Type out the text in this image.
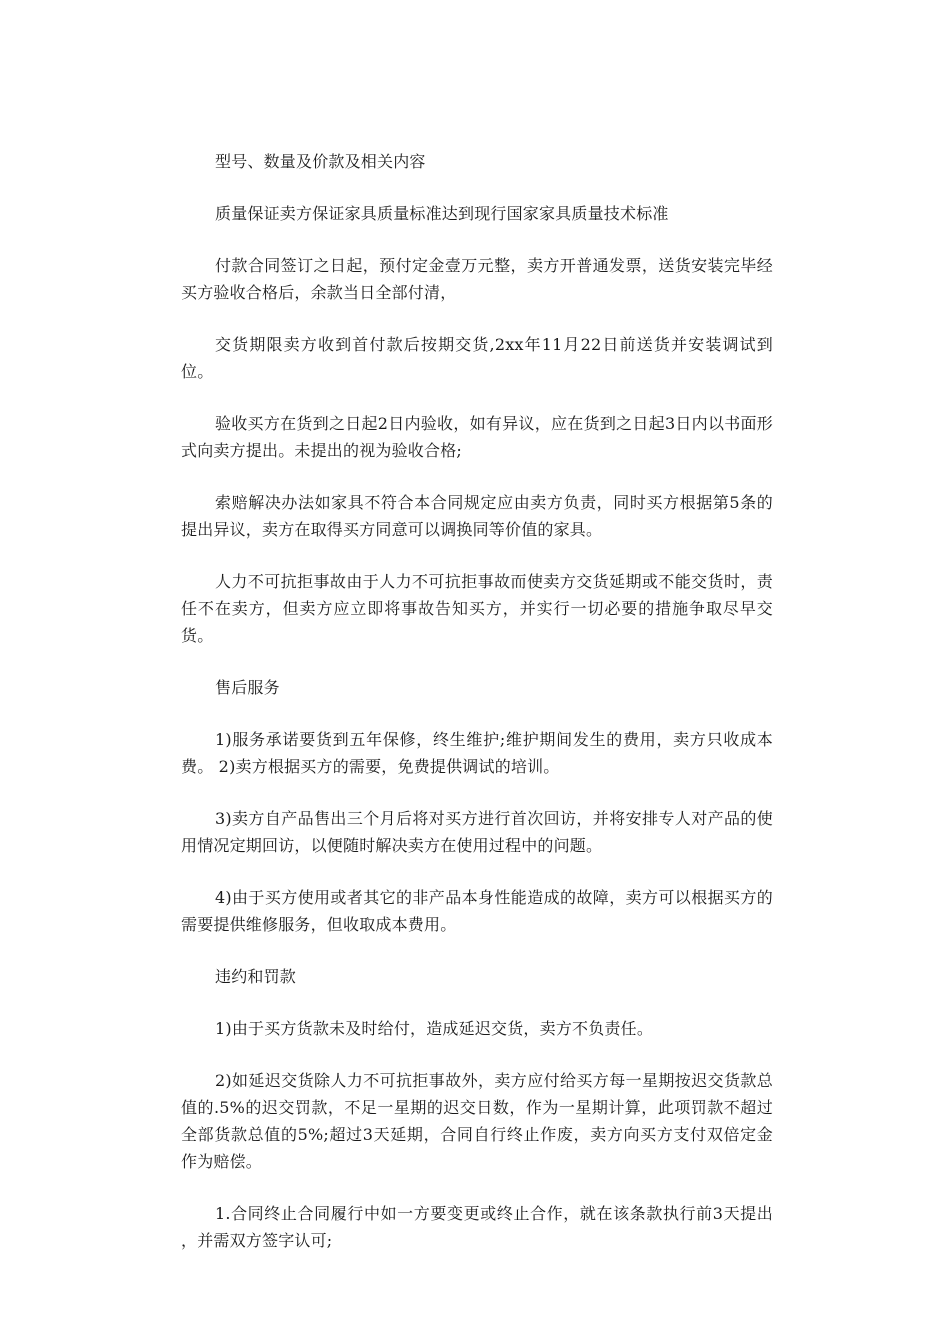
型号、数量及价款及相关内容

质量保证卖方保证家具质量标准达到现行国家家具质量技术标准

付款合同签订之日起，预付定金壹万元整，卖方开普通发票，送货安装完毕经买方验收合格后，余款当日全部付清，

交货期限卖方收到首付款后按期交货,2xx年11月22日前送货并安装调试到位。

验收买方在货到之日起2日内验收，如有异议，应在货到之日起3日内以书面形式向卖方提出。未提出的视为验收合格;

索赔解决办法如家具不符合本合同规定应由卖方负责，同时买方根据第5条的提出异议，卖方在取得买方同意可以调换同等价值的家具。

人力不可抗拒事故由于人力不可抗拒事故而使卖方交货延期或不能交货时，责任不在卖方，但卖方应立即将事故告知买方，并实行一切必要的措施争取尽早交货。

售后服务

1)服务承诺要货到五年保修，终生维护;维护期间发生的费用，卖方只收成本费。 2)卖方根据买方的需要，免费提供调试的培训。

3)卖方自产品售出三个月后将对买方进行首次回访，并将安排专人对产品的使用情况定期回访，以便随时解决卖方在使用过程中的问题。

4)由于买方使用或者其它的非产品本身性能造成的故障，卖方可以根据买方的需要提供维修服务，但收取成本费用。

违约和罚款

1)由于买方货款未及时给付，造成延迟交货，卖方不负责任。

2)如延迟交货除人力不可抗拒事故外，卖方应付给买方每一星期按迟交货款总值的.5%的迟交罚款，不足一星期的迟交日数，作为一星期计算，此项罚款不超过全部货款总值的5%;超过3天延期，合同自行终止作废，卖方向买方支付双倍定金作为赔偿。

1.合同终止合同履行中如一方要变更或终止合作，就在该条款执行前3天提出 ，并需双方签字认可;
